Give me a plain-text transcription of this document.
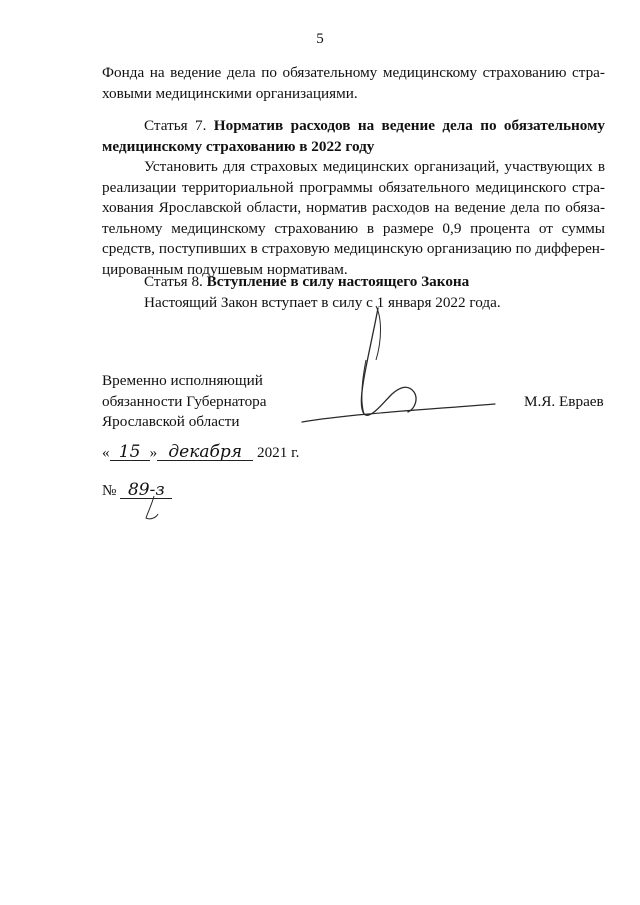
5
Фонда на ведение дела по обязательному медицинскому страхованию стра-
ховыми медицинскими организациями.
Статья 7. Норматив расходов на ведение дела по обязательному
медицинскому страхованию в 2022 году
Установить для страховых медицинских организаций, участвующих в
реализации территориальной программы обязательного медицинского стра-
хования Ярославской области, норматив расходов на ведение дела по обяза-
тельному медицинскому страхованию в размере 0,9 процента от суммы
средств, поступивших в страховую медицинскую организацию по дифферен-
цированным подушевым нормативам.
Статья 8. Вступление в силу настоящего Закона
Настоящий Закон вступает в силу с 1 января 2022 года.
Временно исполняющий
обязанности Губернатора
Ярославской области
М.Я. Евраев
« 15 » декабря 2021 г.
№ 89-з
